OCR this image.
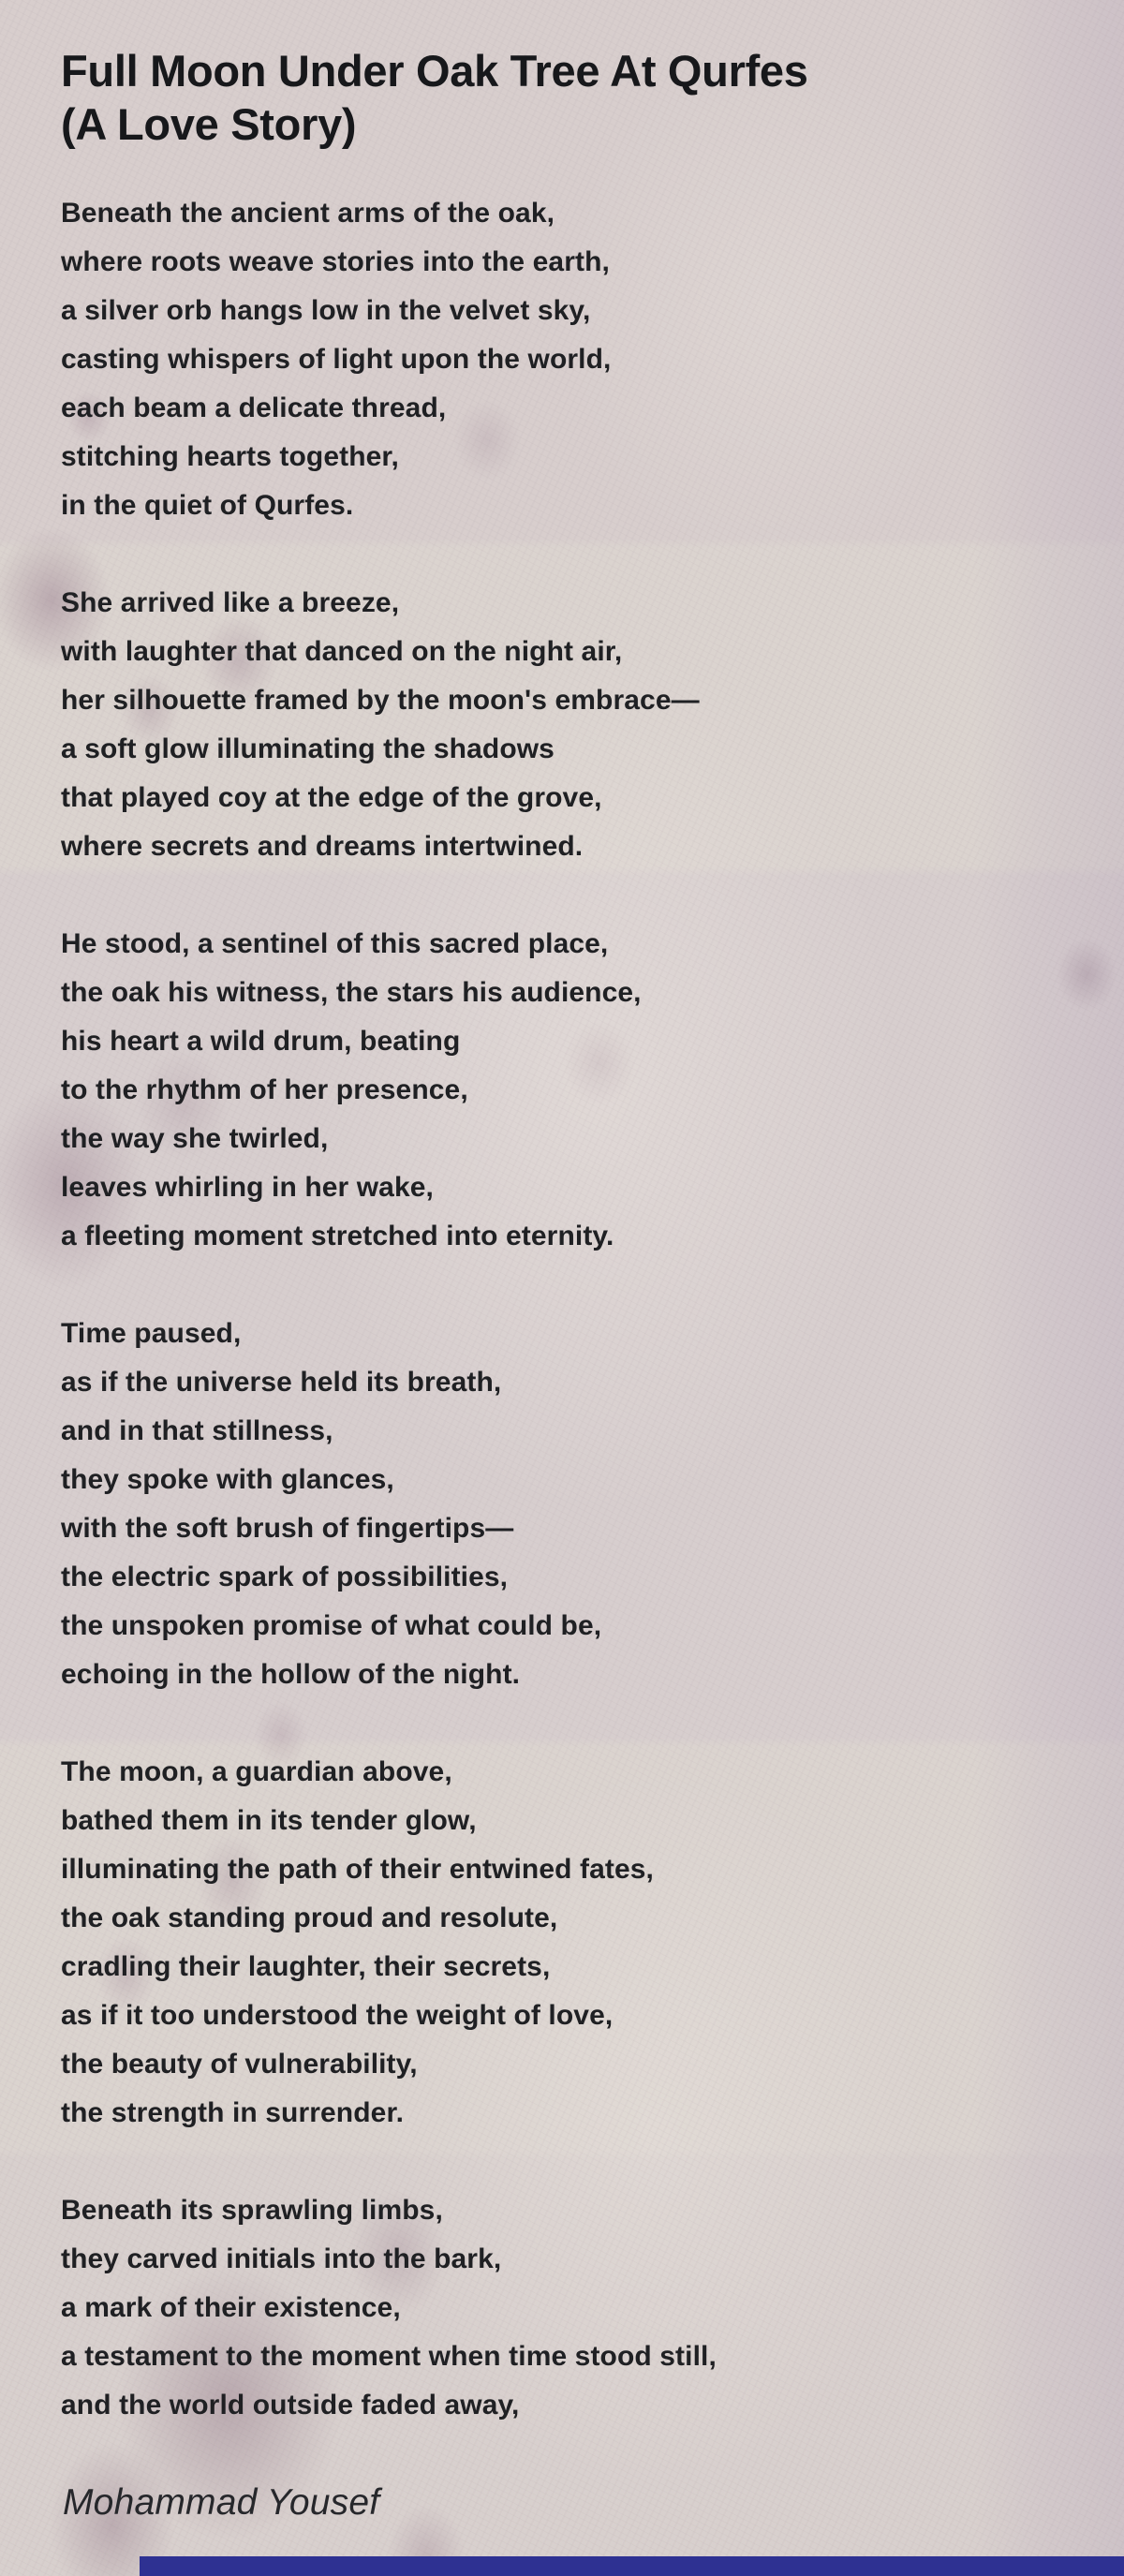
Full Moon Under Oak Tree At Qurfes
(A Love Story)
Beneath the ancient arms of the oak,
where roots weave stories into the earth,
a silver orb hangs low in the velvet sky,
casting whispers of light upon the world,
each beam a delicate thread,
stitching hearts together,
in the quiet of Qurfes.
She arrived like a breeze,
with laughter that danced on the night air,
her silhouette framed by the moon's embrace—
a soft glow illuminating the shadows
that played coy at the edge of the grove,
where secrets and dreams intertwined.
He stood, a sentinel of this sacred place,
the oak his witness, the stars his audience,
his heart a wild drum, beating
to the rhythm of her presence,
the way she twirled,
leaves whirling in her wake,
a fleeting moment stretched into eternity.
Time paused,
as if the universe held its breath,
and in that stillness,
they spoke with glances,
with the soft brush of fingertips—
the electric spark of possibilities,
the unspoken promise of what could be,
echoing in the hollow of the night.
The moon, a guardian above,
bathed them in its tender glow,
illuminating the path of their entwined fates,
the oak standing proud and resolute,
cradling their laughter, their secrets,
as if it too understood the weight of love,
the beauty of vulnerability,
the strength in surrender.
Beneath its sprawling limbs,
they carved initials into the bark,
a mark of their existence,
a testament to the moment when time stood still,
and the world outside faded away,
Mohammad Yousef
